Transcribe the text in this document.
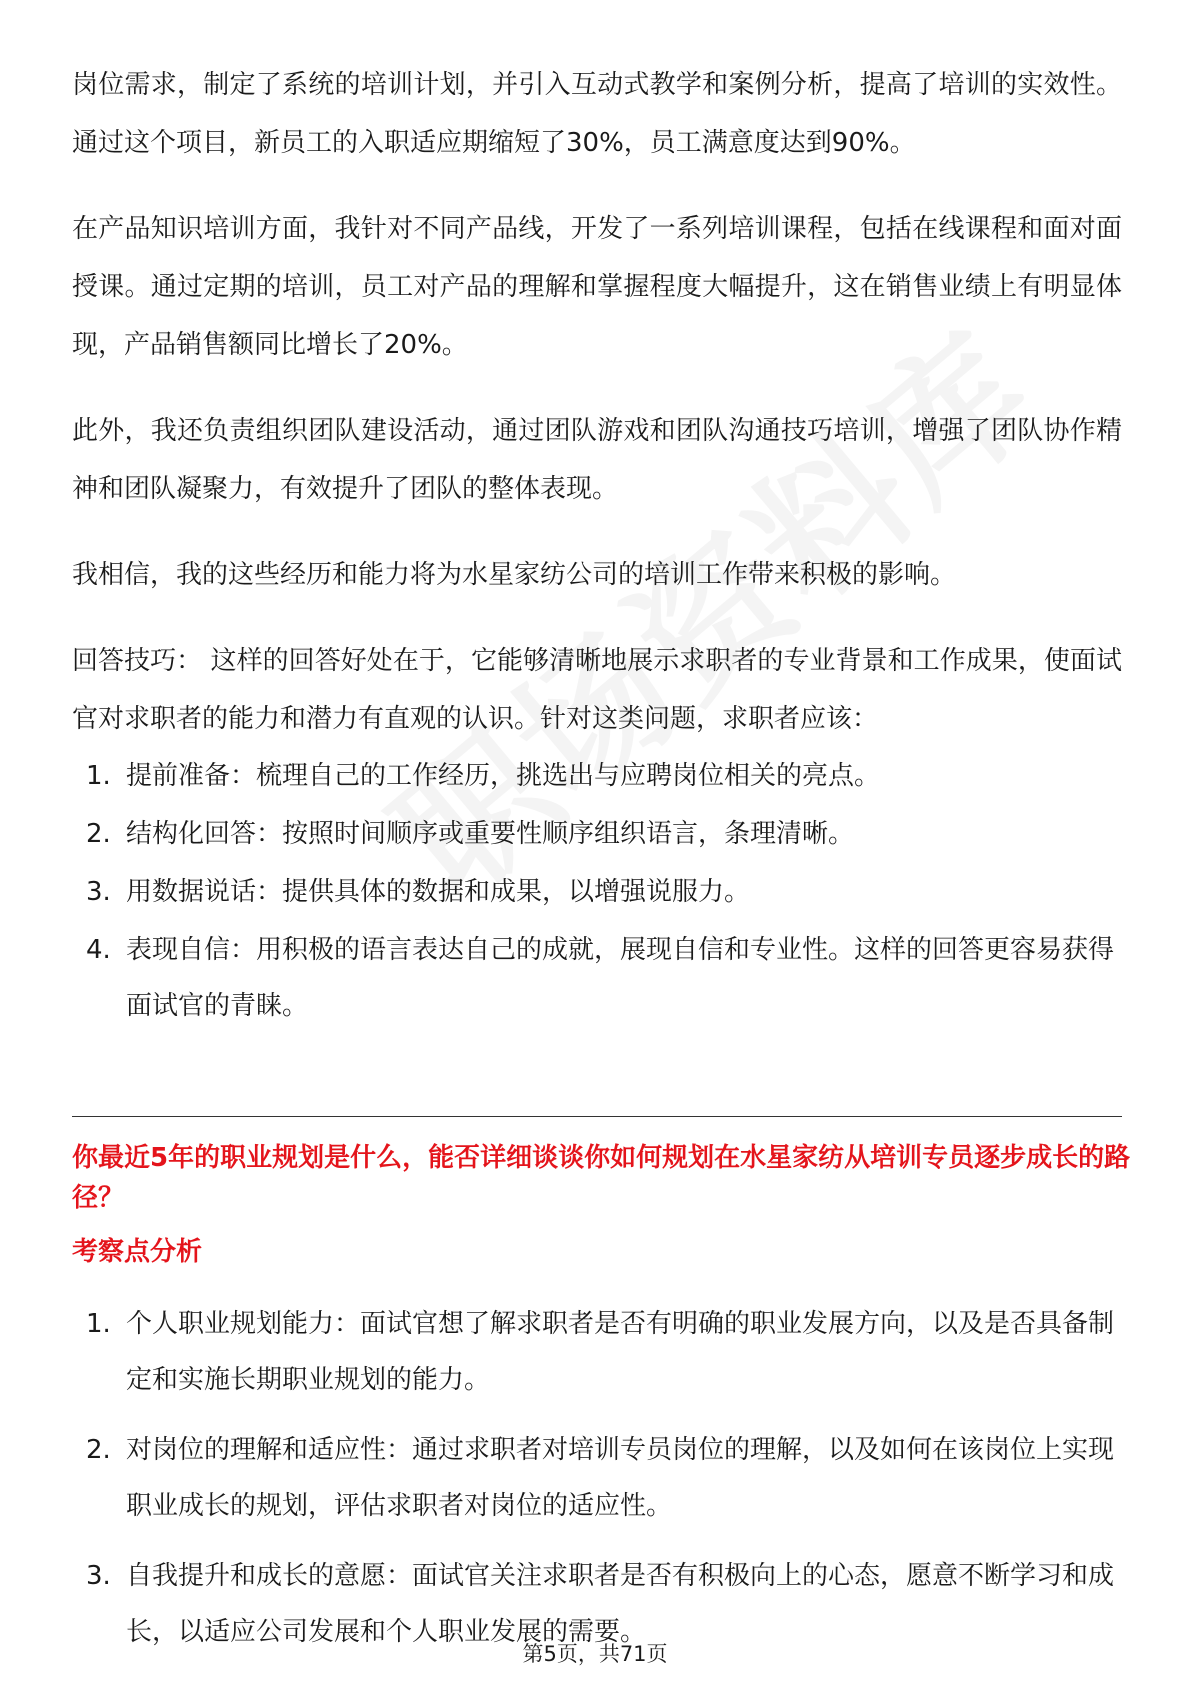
岗位需求，制定了系统的培训计划，并引入互动式教学和案例分析，提高了培训的实效性。通过这个项目，新员工的入职适应期缩短了30%，员工满意度达到90%。

在产品知识培训方面，我针对不同产品线，开发了一系列培训课程，包括在线课程和面对面授课。通过定期的培训，员工对产品的理解和掌握程度大幅提升，这在销售业绩上有明显体现，产品销售额同比增长了20%。

此外，我还负责组织团队建设活动，通过团队游戏和团队沟通技巧培训，增强了团队协作精神和团队凝聚力，有效提升了团队的整体表现。

我相信，我的这些经历和能力将为水星家纺公司的培训工作带来积极的影响。

回答技巧： 这样的回答好处在于，它能够清晰地展示求职者的专业背景和工作成果，使面试官对求职者的能力和潜力有直观的认识。针对这类问题，求职者应该：

1. 提前准备：梳理自己的工作经历，挑选出与应聘岗位相关的亮点。
2. 结构化回答：按照时间顺序或重要性顺序组织语言，条理清晰。
3. 用数据说话：提供具体的数据和成果，以增强说服力。
4. 表现自信：用积极的语言表达自己的成就，展现自信和专业性。这样的回答更容易获得面试官的青睐。
你最近5年的职业规划是什么，能否详细谈谈你如何规划在水星家纺从培训专员逐步成长的路径？
考察点分析
1. 个人职业规划能力：面试官想了解求职者是否有明确的职业发展方向，以及是否具备制定和实施长期职业规划的能力。
2. 对岗位的理解和适应性：通过求职者对培训专员岗位的理解，以及如何在该岗位上实现职业成长的规划，评估求职者对岗位的适应性。
3. 自我提升和成长的意愿：面试官关注求职者是否有积极向上的心态，愿意不断学习和成长，以适应公司发展和个人职业发展的需要。
第5页，共71页
